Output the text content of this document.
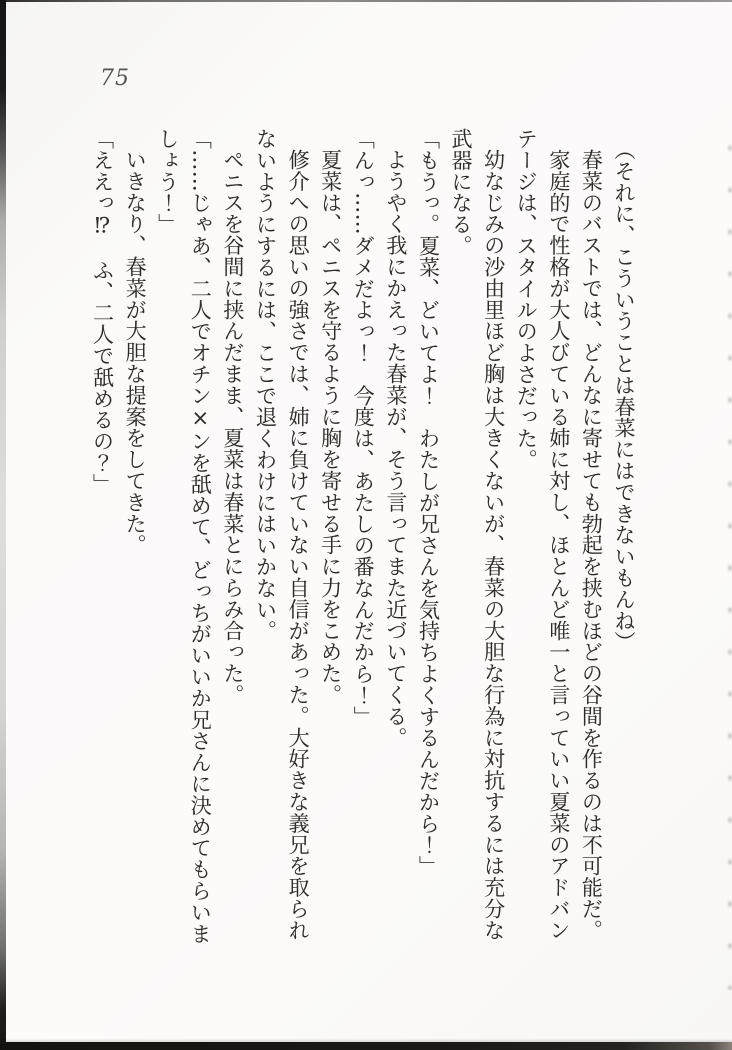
75

（それに、こういうことは春菜にはできないもんね）

春菜のバストでは、どんなに寄せても勃起を挟むほどの谷間を作るのは不可能だ。

家庭的で性格が大人びている姉に対し、ほとんど唯一と言っていい夏菜のアドバンテージは、スタイルのよさだった。

幼なじみの沙由里ほど胸は大きくないが、春菜の大胆な行為に対抗するには充分な武器になる。

「もうっ。夏菜、どいてよ！　わたしが兄さんを気持ちよくするんだから！」

ようやく我にかえった春菜が、そう言ってまた近づいてくる。

「んっ……ダメだよっ！　今度は、あたしの番なんだから！」

夏菜は、ペニスを守るように胸を寄せる手に力をこめた。

修介への思いの強さでは、姉に負けていない自信があった。大好きな義兄を取られないようにするには、ここで退くわけにはいかない。

ペニスを谷間に挟んだまま、夏菜は春菜とにらみ合った。

「……じゃあ、二人でオチン×ンを舐めて、どっちがいいか兄さんに決めてもらいましょう！」

いきなり、春菜が大胆な提案をしてきた。

「ええっ⁉　ふ、二人で舐めるの？」
